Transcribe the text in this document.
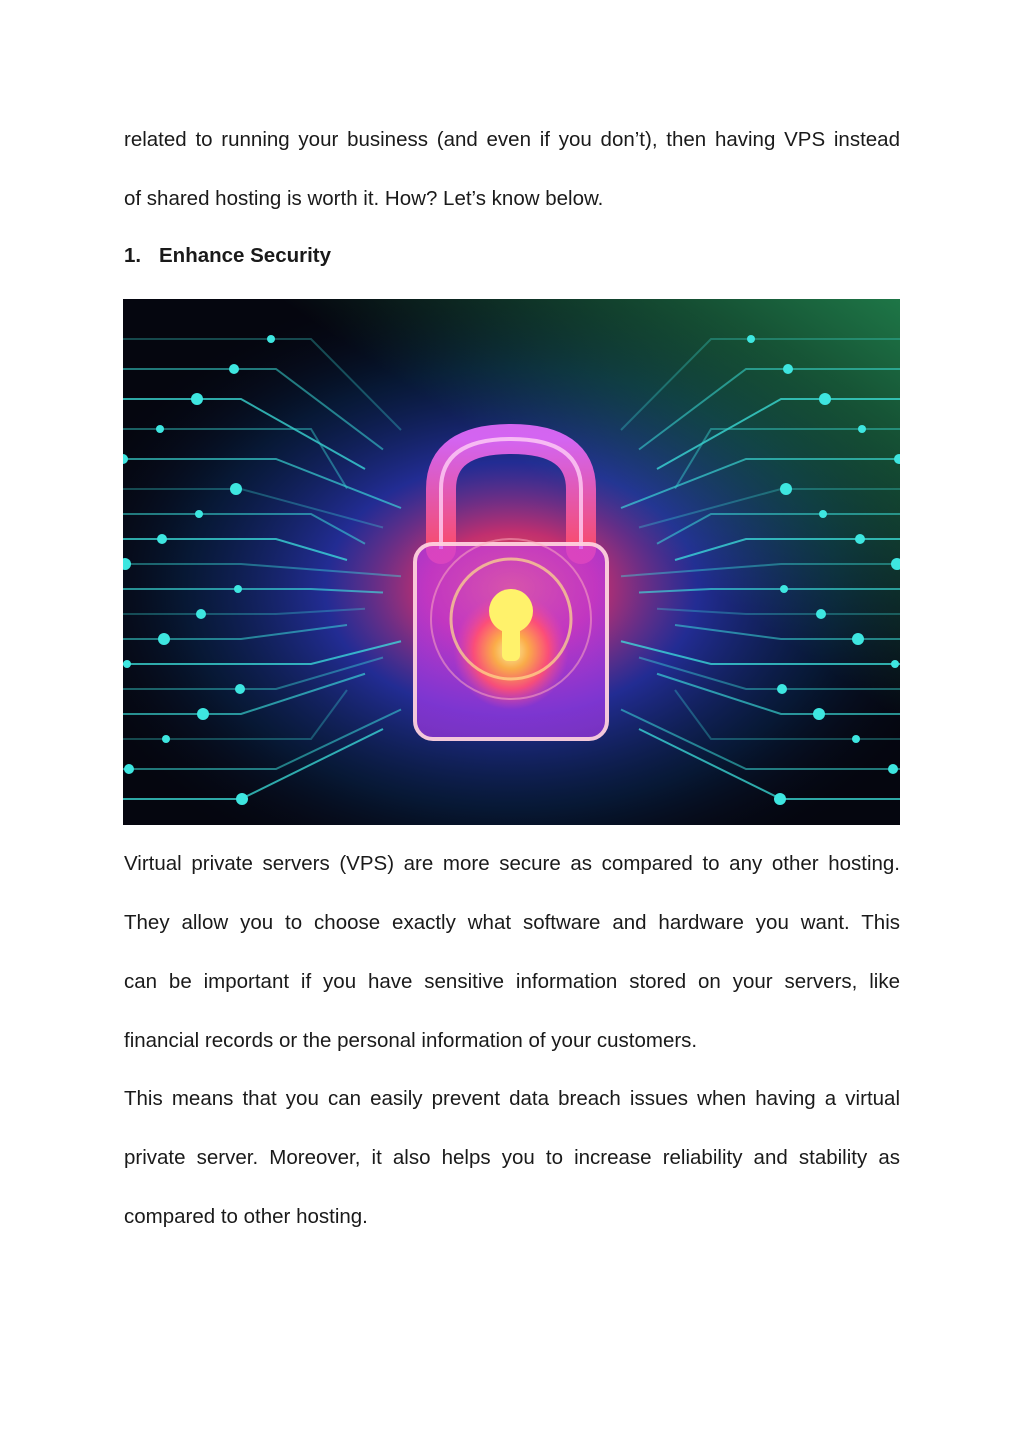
related to running your business (and even if you don’t), then having VPS instead
of shared hosting is worth it. How? Let’s know below.

1. Enhance Security

Virtual private servers (VPS) are more secure as compared to any other hosting.
They allow you to choose exactly what software and hardware you want. This
can be important if you have sensitive information stored on your servers, like
financial records or the personal information of your customers.

This means that you can easily prevent data breach issues when having a virtual
private server. Moreover, it also helps you to increase reliability and stability as
compared to other hosting.
